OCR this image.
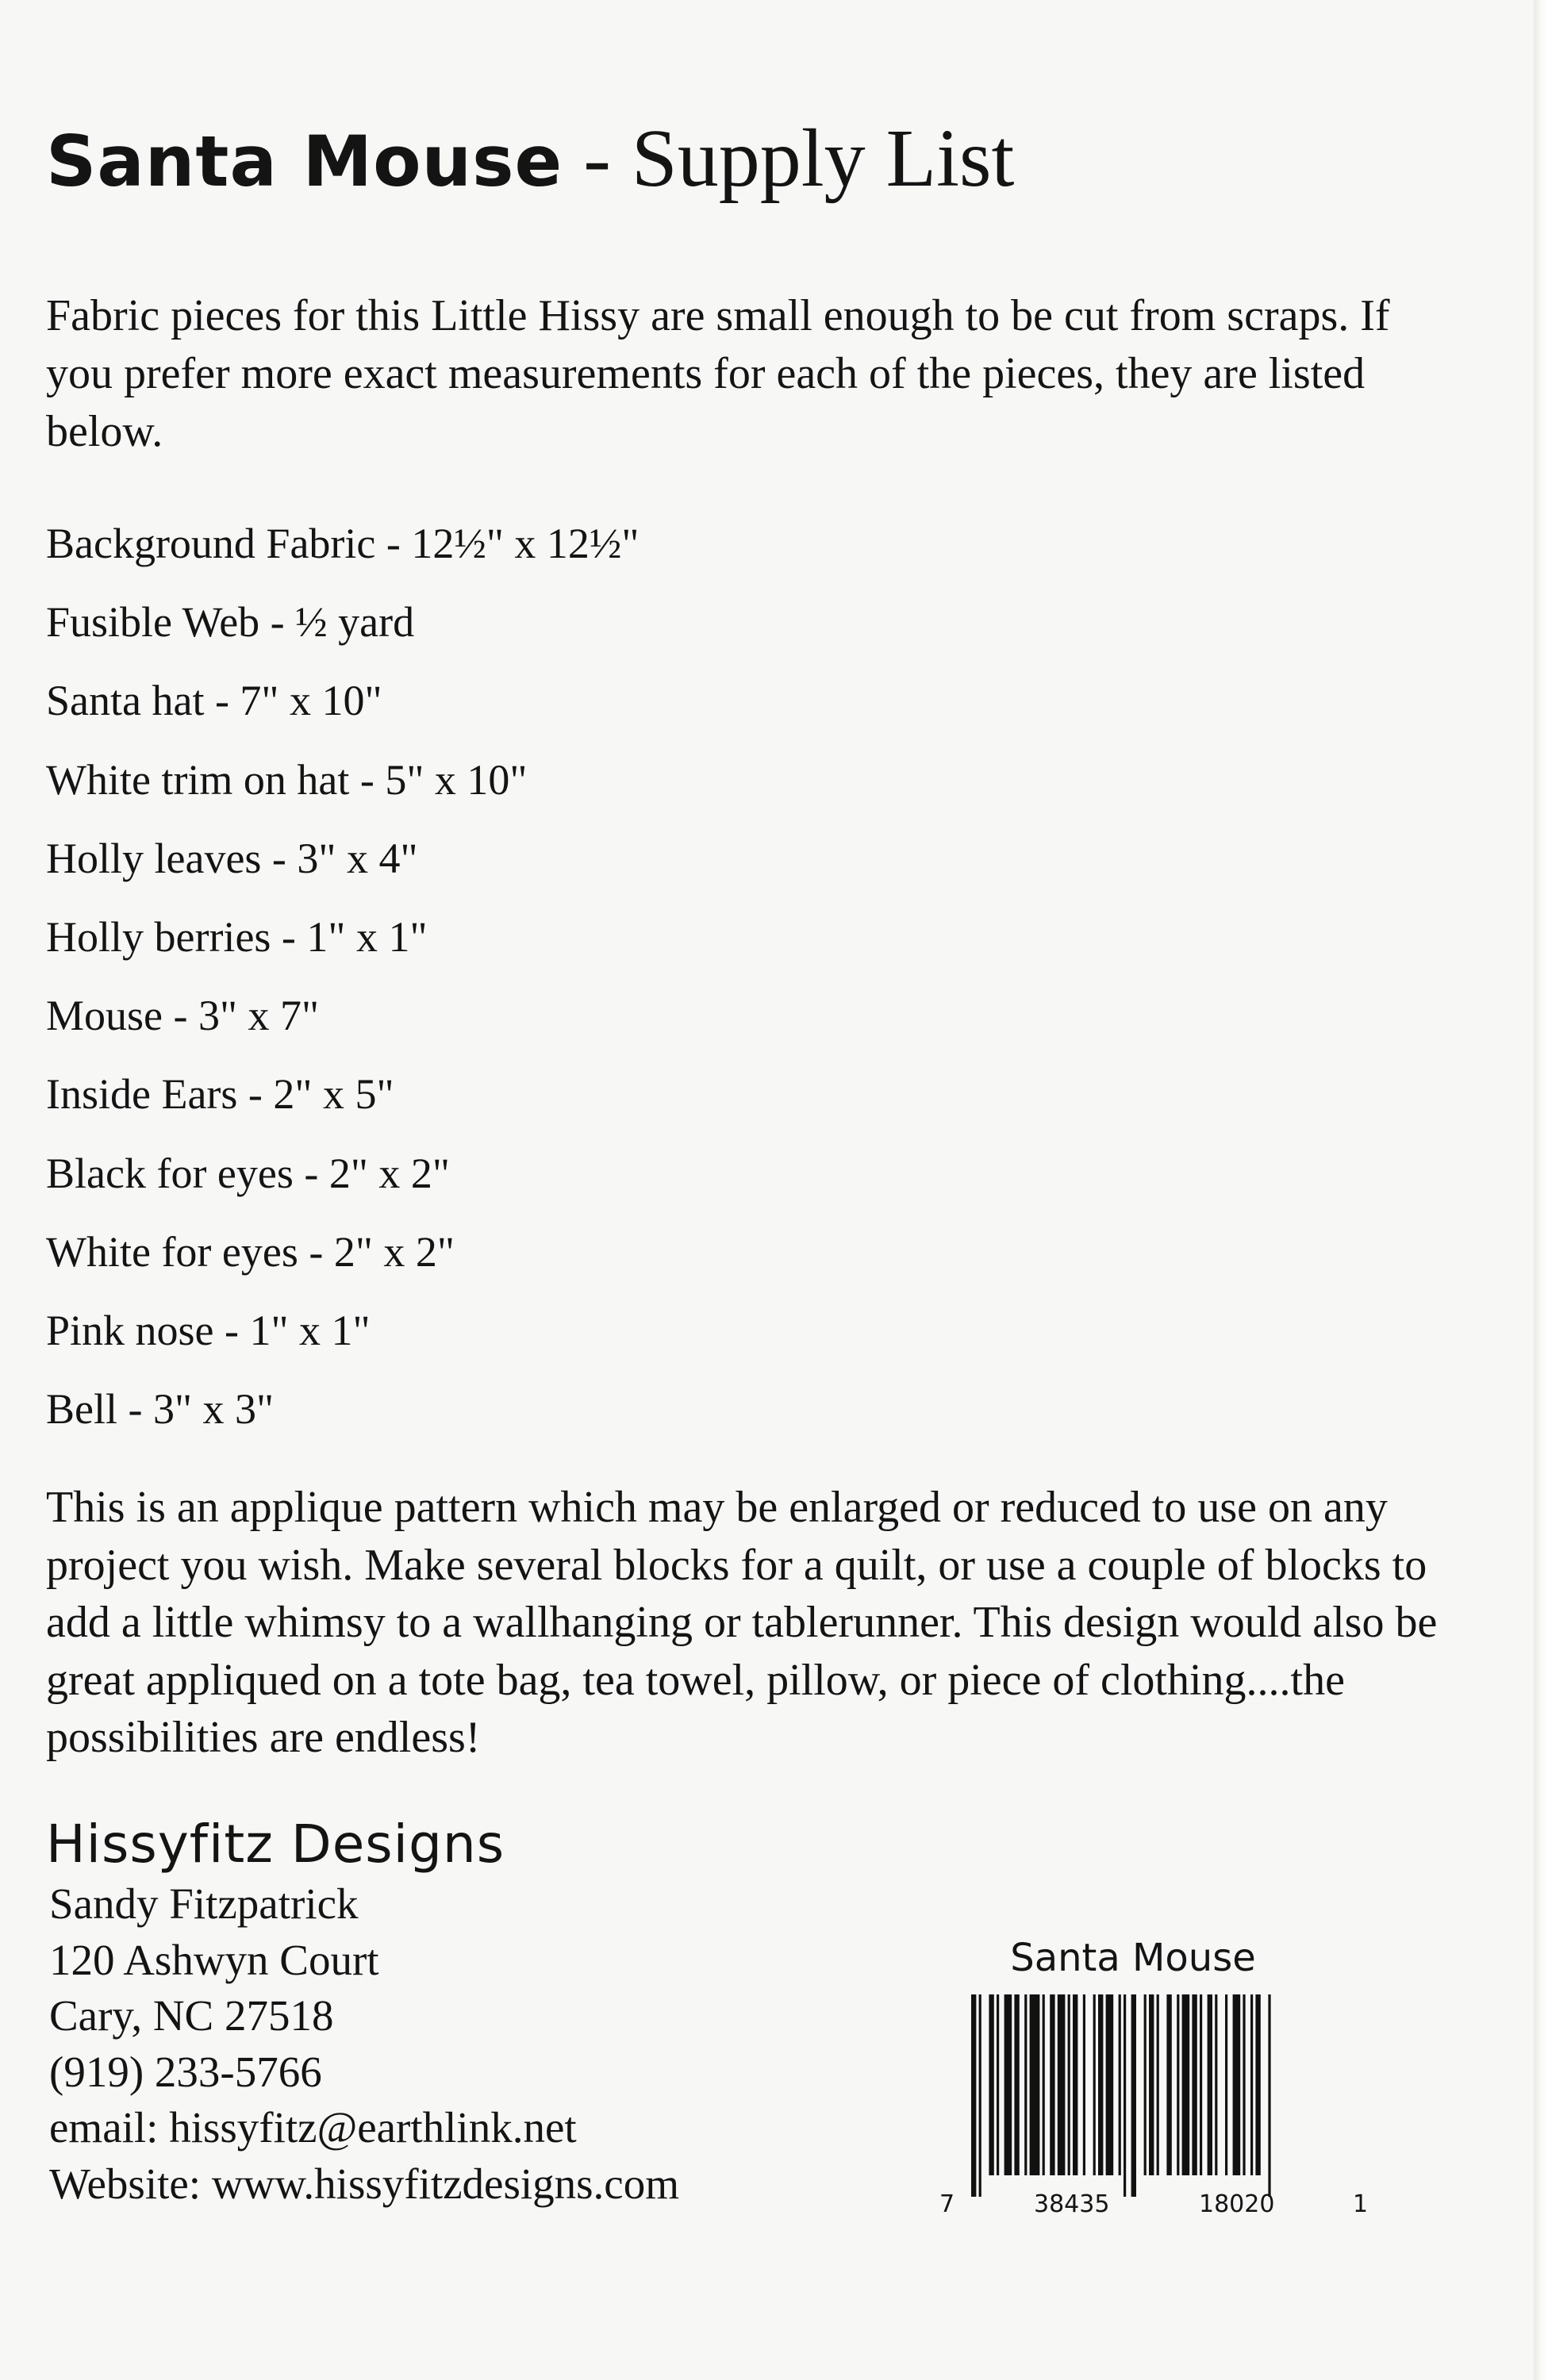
Santa Mouse - Supply List

Fabric pieces for this Little Hissy are small enough to be cut from scraps. If you prefer more exact measurements for each of the pieces, they are listed below.

Background Fabric - 12½" x 12½"
Fusible Web - ½ yard
Santa hat - 7" x 10"
White trim on hat - 5" x 10"
Holly leaves - 3" x 4"
Holly berries - 1" x 1"
Mouse - 3" x 7"
Inside Ears - 2" x 5"
Black for eyes - 2" x 2"
White for eyes - 2" x 2"
Pink nose - 1" x 1"
Bell - 3" x 3"

This is an applique pattern which may be enlarged or reduced to use on any project you wish. Make several blocks for a quilt, or use a couple of blocks to add a little whimsy to a wallhanging or tablerunner. This design would also be great appliqued on a tote bag, tea towel, pillow, or piece of clothing....the possibilities are endless!

Hissyfitz Designs
Sandy Fitzpatrick
120 Ashwyn Court
Cary, NC 27518
(919) 233-5766
email: hissyfitz@earthlink.net
Website: www.hissyfitzdesigns.com
Santa Mouse
7	38435	18020	1
